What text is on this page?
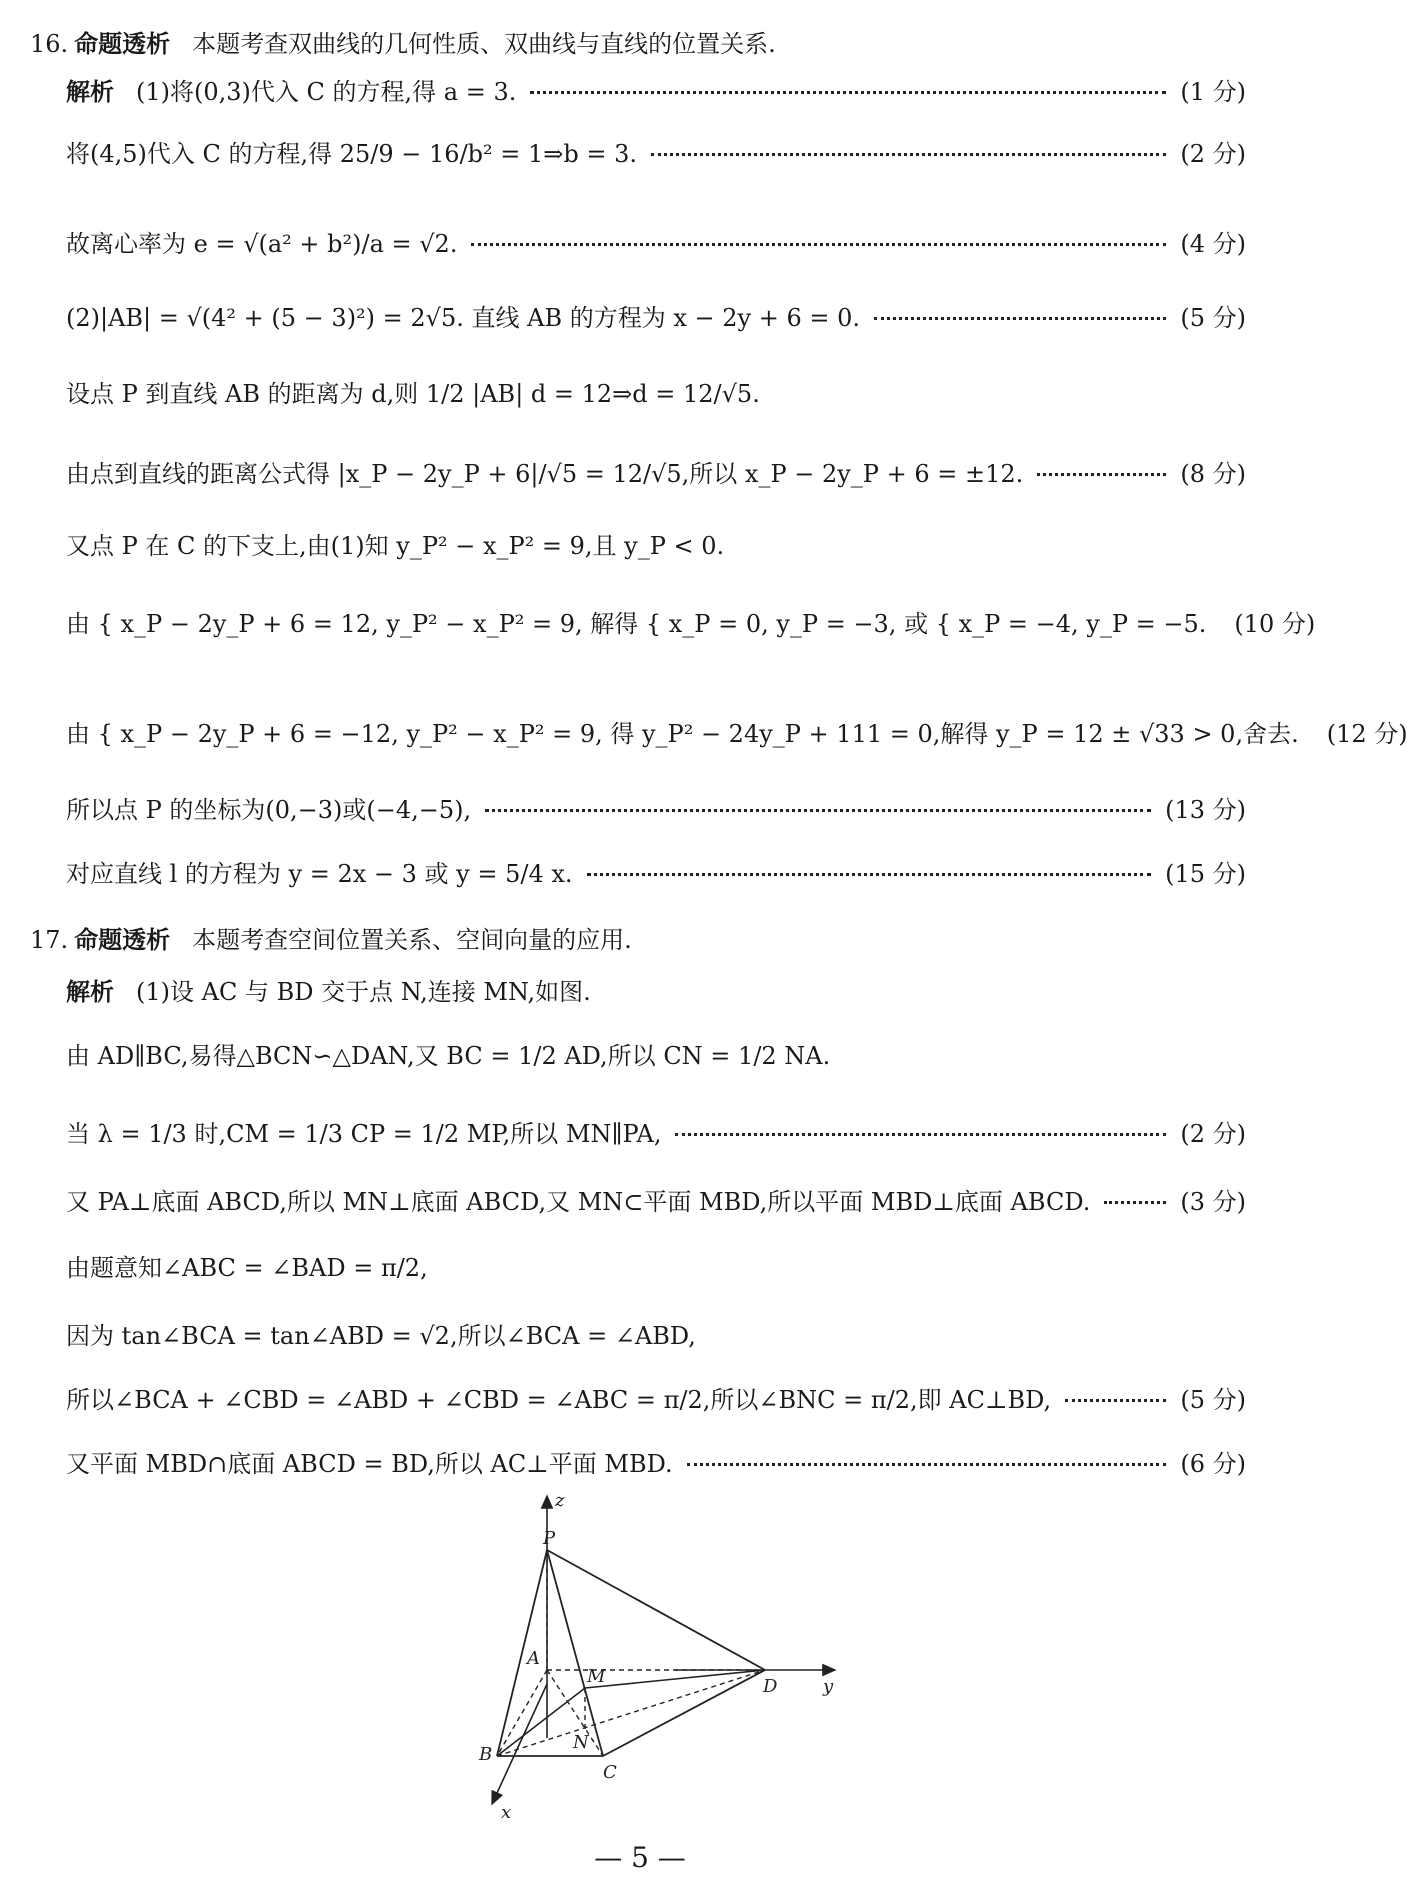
16. 命题透析 本题考查双曲线的几何性质、双曲线与直线的位置关系.
解析 (1)将(0,3)代入 C 的方程,得 a = 3.	(1 分)
将(4,5)代入 C 的方程,得 25/9 − 16/b² = 1⇒b = 3.	(2 分)
故离心率为 e = √(a² + b²)/a = √2.	(4 分)
(2)|AB| = √(4² + (5 − 3)²) = 2√5. 直线 AB 的方程为 x − 2y + 6 = 0.	(5 分)
设点 P 到直线 AB 的距离为 d,则 1/2 |AB| d = 12⇒d = 12/√5.
由点到直线的距离公式得 |x_P − 2y_P + 6|/√5 = 12/√5,所以 x_P − 2y_P + 6 = ±12.	(8 分)
又点 P 在 C 的下支上,由(1)知 y_P² − x_P² = 9,且 y_P < 0.
由 { x_P − 2y_P + 6 = 12, y_P² − x_P² = 9, 解得 { x_P = 0, y_P = −3, 或 { x_P = −4, y_P = −5. (10 分)
由 { x_P − 2y_P + 6 = −12, y_P² − x_P² = 9, 得 y_P² − 24y_P + 111 = 0,解得 y_P = 12 ± √33 > 0,舍去. (12 分)
所以点 P 的坐标为(0,−3)或(−4,−5),	(13 分)
对应直线 l 的方程为 y = 2x − 3 或 y = 5/4 x.	(15 分)
17. 命题透析 本题考查空间位置关系、空间向量的应用.
解析 (1)设 AC 与 BD 交于点 N,连接 MN,如图.
由 AD∥BC,易得△BCN∽△DAN,又 BC = 1/2 AD,所以 CN = 1/2 NA.
当 λ = 1/3 时,CM = 1/3 CP = 1/2 MP,所以 MN∥PA,	(2 分)
又 PA⊥底面 ABCD,所以 MN⊥底面 ABCD,又 MN⊂平面 MBD,所以平面 MBD⊥底面 ABCD.	(3 分)
由题意知∠ABC = ∠BAD = π/2,
因为 tan∠BCA = tan∠ABD = √2,所以∠BCA = ∠ABD,
所以∠BCA + ∠CBD = ∠ABD + ∠CBD = ∠ABC = π/2,所以∠BNC = π/2,即 AC⊥BD,	(5 分)
又平面 MBD∩底面 ABCD = BD,所以 AC⊥平面 MBD.	(6 分)
z
P
A
M	D	y
N
B
C
x
— 5 —
